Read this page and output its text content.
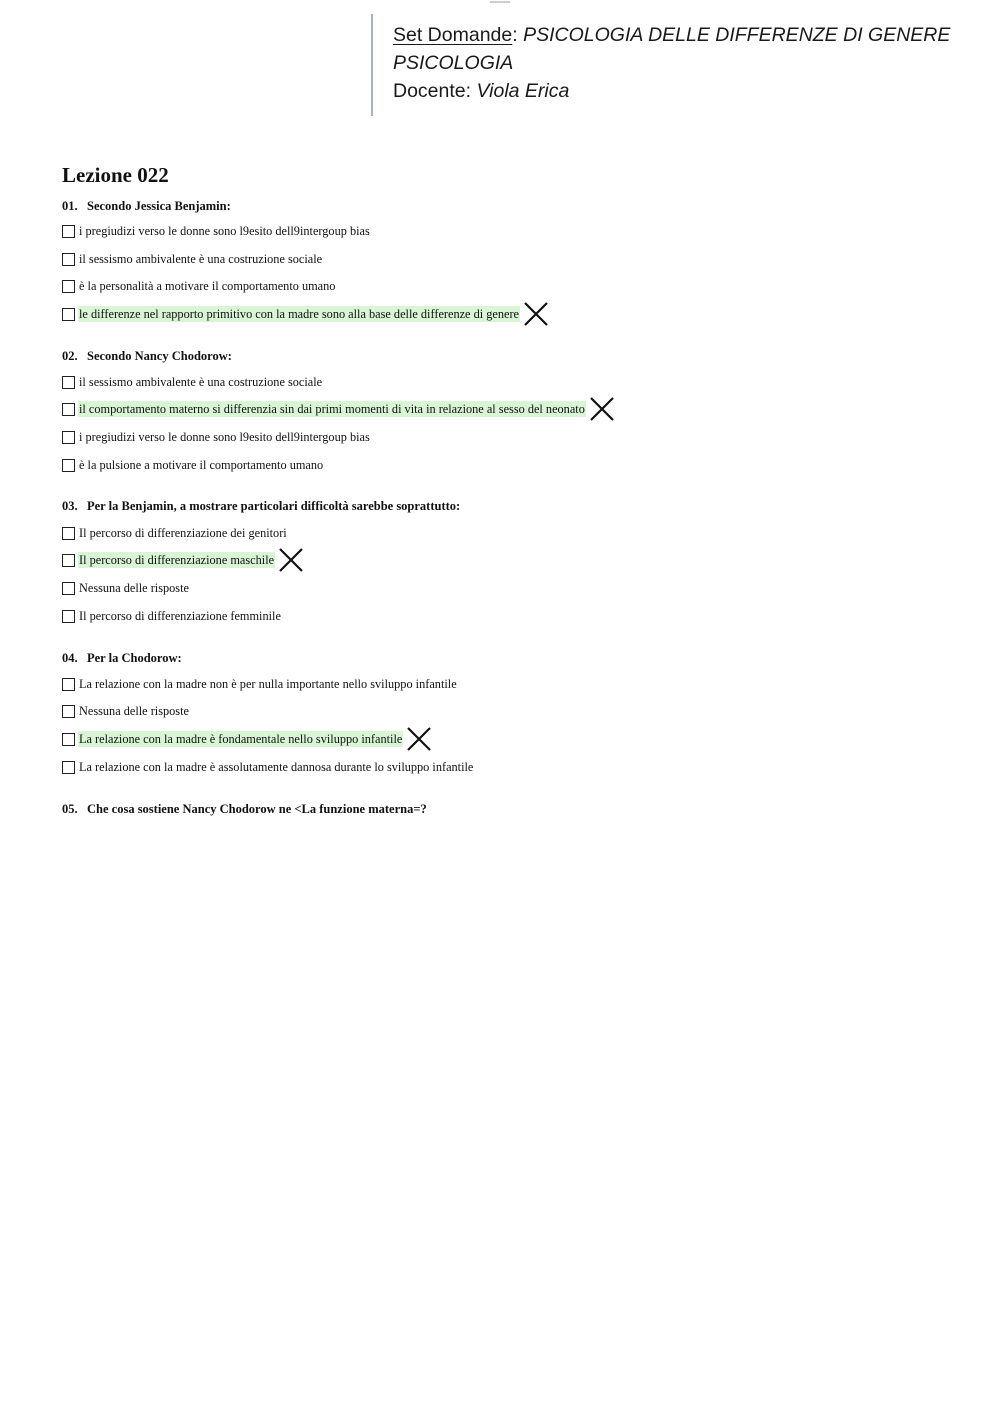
Set Domande: PSICOLOGIA DELLE DIFFERENZE DI GENERE
PSICOLOGIA
Docente: Viola Erica
Lezione 022

01. Secondo Jessica Benjamin:

i pregiudizi verso le donne sono l9esito dell9intergoup bias
il sessismo ambivalente è una costruzione sociale
è la personalità a motivare il comportamento umano
le differenze nel rapporto primitivo con la madre sono alla base delle differenze di genere

02. Secondo Nancy Chodorow:

il sessismo ambivalente è una costruzione sociale
il comportamento materno si differenzia sin dai primi momenti di vita in relazione al sesso del neonato
i pregiudizi verso le donne sono l9esito dell9intergoup bias
è la pulsione a motivare il comportamento umano

03. Per la Benjamin, a mostrare particolari difficoltà sarebbe soprattutto:

Il percorso di differenziazione dei genitori
Il percorso di differenziazione maschile
Nessuna delle risposte
Il percorso di differenziazione femminile

04. Per la Chodorow:

La relazione con la madre non è per nulla importante nello sviluppo infantile
Nessuna delle risposte
La relazione con la madre è fondamentale nello sviluppo infantile
La relazione con la madre è assolutamente dannosa durante lo sviluppo infantile

05. Che cosa sostiene Nancy Chodorow ne <La funzione materna=?
